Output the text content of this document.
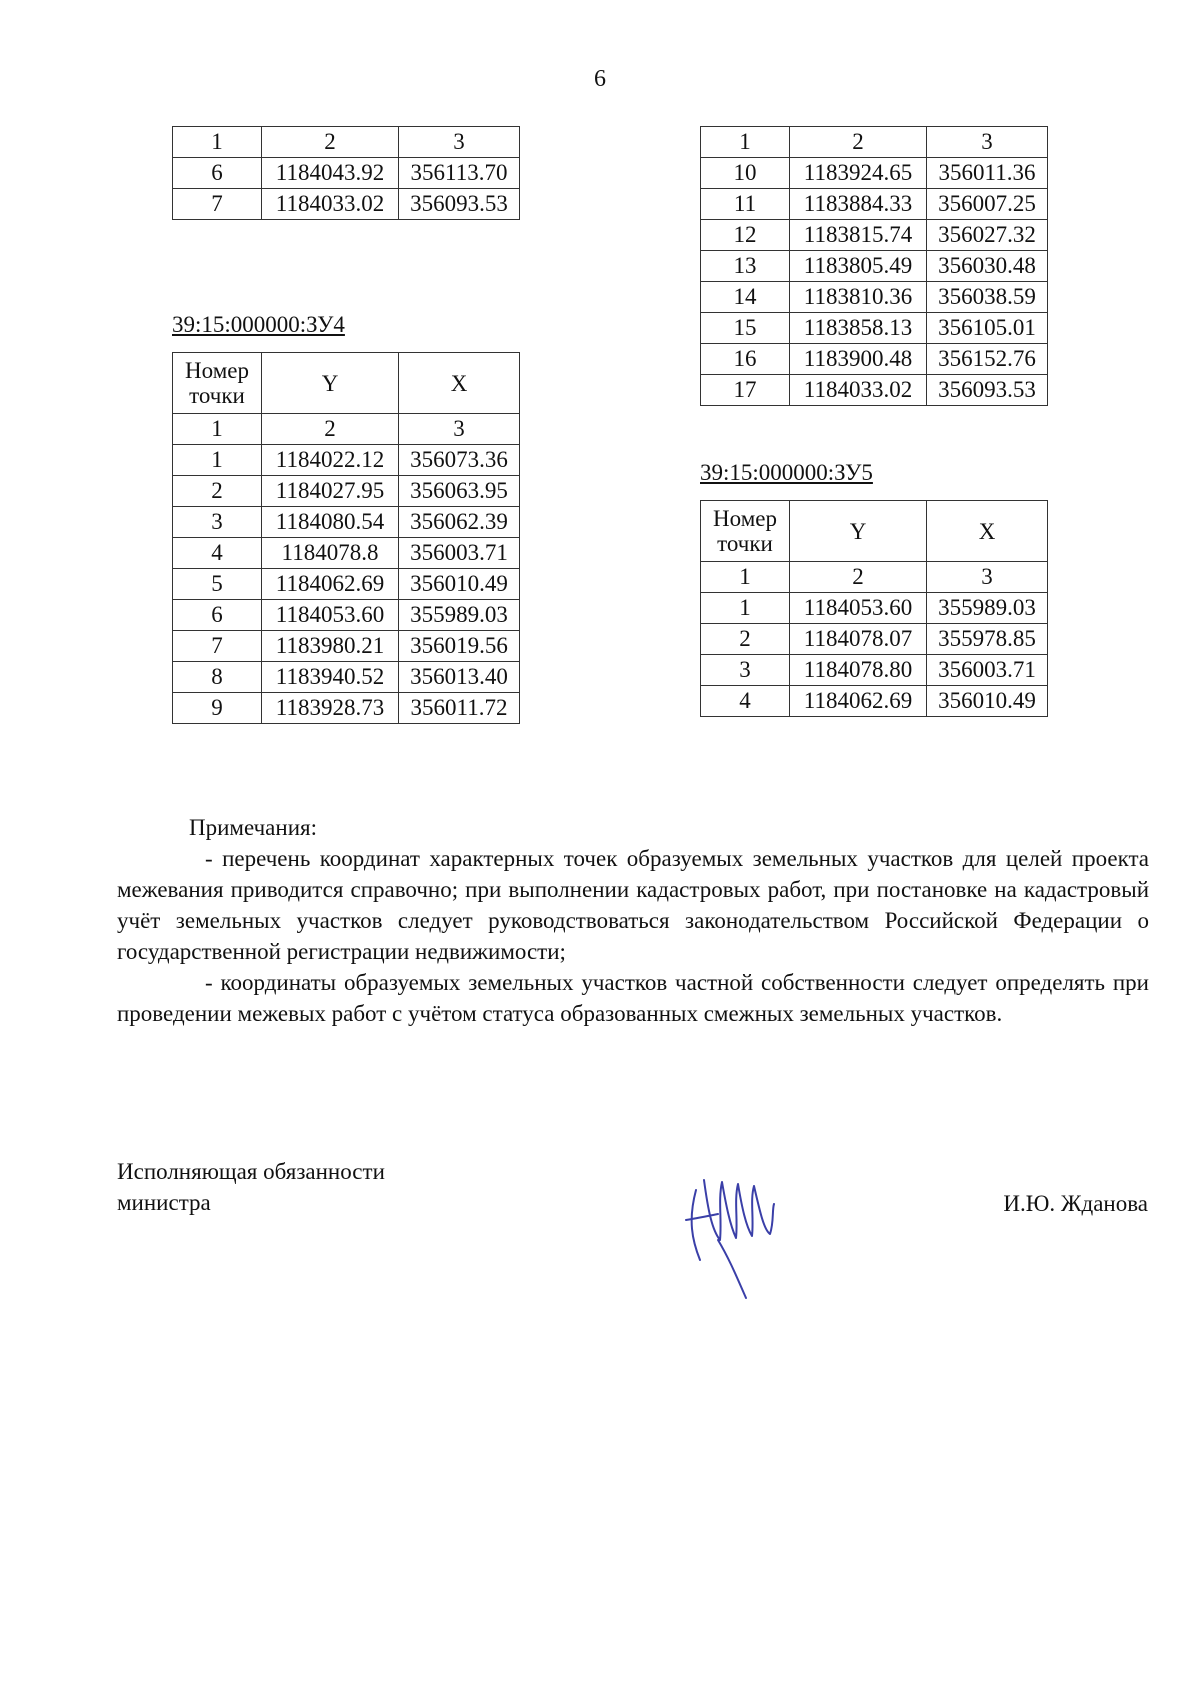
6
1	2	3
6	1184043.92	356113.70
7	1184033.02	356093.53
1	2	3
10	1183924.65	356011.36
11	1183884.33	356007.25
12	1183815.74	356027.32
13	1183805.49	356030.48
14	1183810.36	356038.59
15	1183858.13	356105.01
16	1183900.48	356152.76
17	1184033.02	356093.53
39:15:000000:ЗУ4
Номер точки	Y	X
1	2	3
1	1184022.12	356073.36
2	1184027.95	356063.95
3	1184080.54	356062.39
4	1184078.8	356003.71
5	1184062.69	356010.49
6	1184053.60	355989.03
7	1183980.21	356019.56
8	1183940.52	356013.40
9	1183928.73	356011.72
39:15:000000:ЗУ5
Номер точки	Y	X
1	2	3
1	1184053.60	355989.03
2	1184078.07	355978.85
3	1184078.80	356003.71
4	1184062.69	356010.49

Примечания:

- перечень координат характерных точек образуемых земельных участков для целей проекта межевания приводится справочно; при выполнении кадастровых работ, при постановке на кадастровый учёт земельных участков следует руководствоваться законодательством Российской Федерации о государственной регистрации недвижимости;

- координаты образуемых земельных участков частной собственности следует определять при проведении межевых работ с учётом статуса образованных смежных земельных участков.

Исполняющая обязанности
министра	И.Ю. Жданова
